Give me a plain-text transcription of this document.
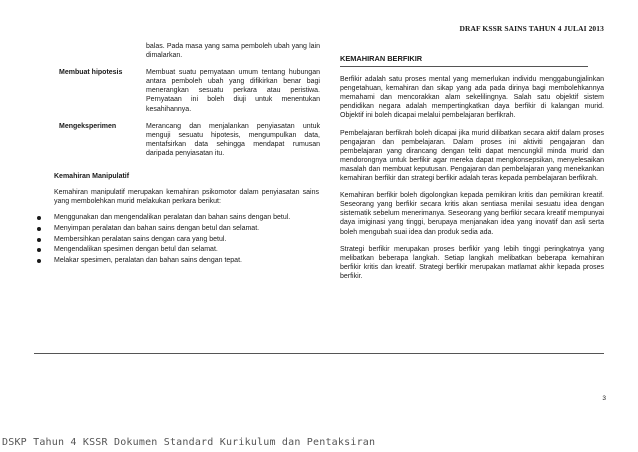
DRAF KSSR SAINS TAHUN 4 JULAI 2013
balas. Pada masa yang sama pemboleh ubah yang lain dimalarkan.
Membuat hipotesis	Membuat suatu pernyataan umum tentang hubungan antara pemboleh ubah yang difikirkan benar bagi menerangkan sesuatu perkara atau peristiwa. Pernyataan ini boleh diuji untuk menentukan kesahihannya.
Mengeksperimen	Merancang dan menjalankan penyiasatan untuk menguji sesuatu hipotesis, mengumpulkan data, mentafsirkan data sehingga mendapat rumusan daripada penyiasatan itu.
Kemahiran Manipulatif
Kemahiran manipulatif merupakan kemahiran psikomotor dalam penyiasatan sains yang membolehkan murid melakukan perkara berikut:
Menggunakan dan mengendalikan peralatan dan bahan sains dengan betul.
Menyimpan peralatan dan bahan sains dengan betul dan selamat.
Membersihkan peralatan sains dengan cara yang betul.
Mengendalikan spesimen dengan betul dan selamat.
Melakar spesimen, peralatan dan bahan sains dengan tepat.
KEMAHIRAN BERFIKIR
Berfikir adalah satu proses mental yang memerlukan individu menggabungjalinkan pengetahuan, kemahiran dan sikap yang ada pada dirinya bagi membolehkannya memahami dan mencorakkan alam sekelilingnya. Salah satu objektif sistem pendidikan negara adalah mempertingkatkan daya berfikir di kalangan murid. Objektif ini boleh dicapai melalui pembelajaran berfikrah.
Pembelajaran berfikrah boleh dicapai jika murid dilibatkan secara aktif dalam proses pengajaran dan pembelajaran. Dalam proses ini aktiviti pengajaran dan pembelajaran yang dirancang dengan teliti dapat mencungkil minda murid dan mendorongnya untuk berfikir agar mereka dapat mengkonsepsikan, menyelesaikan masalah dan membuat keputusan. Pengajaran dan pembelajaran yang menekankan kemahiran berfikir dan strategi berfikir adalah teras kepada pembelajaran berfikrah.
Kemahiran berfikir boleh digolongkan kepada pemikiran kritis dan pemikiran kreatif. Seseorang yang berfikir secara kritis akan sentiasa menilai sesuatu idea dengan sistematik sebelum menerimanya. Seseorang yang berfikir secara kreatif mempunyai daya imiginasi yang tinggi, berupaya menjanakan idea yang inovatif dan asli serta boleh mengubah suai idea dan produk sedia ada.
Strategi berfikir merupakan proses berfikir yang lebih tinggi peringkatnya yang melibatkan beberapa langkah. Setiap langkah melibatkan beberapa kemahiran berfikir kritis dan kreatif. Strategi berfikir merupakan matlamat akhir kepada proses berfikir.
3
DSKP Tahun 4 KSSR Dokumen Standard Kurikulum dan Pentaksiran
